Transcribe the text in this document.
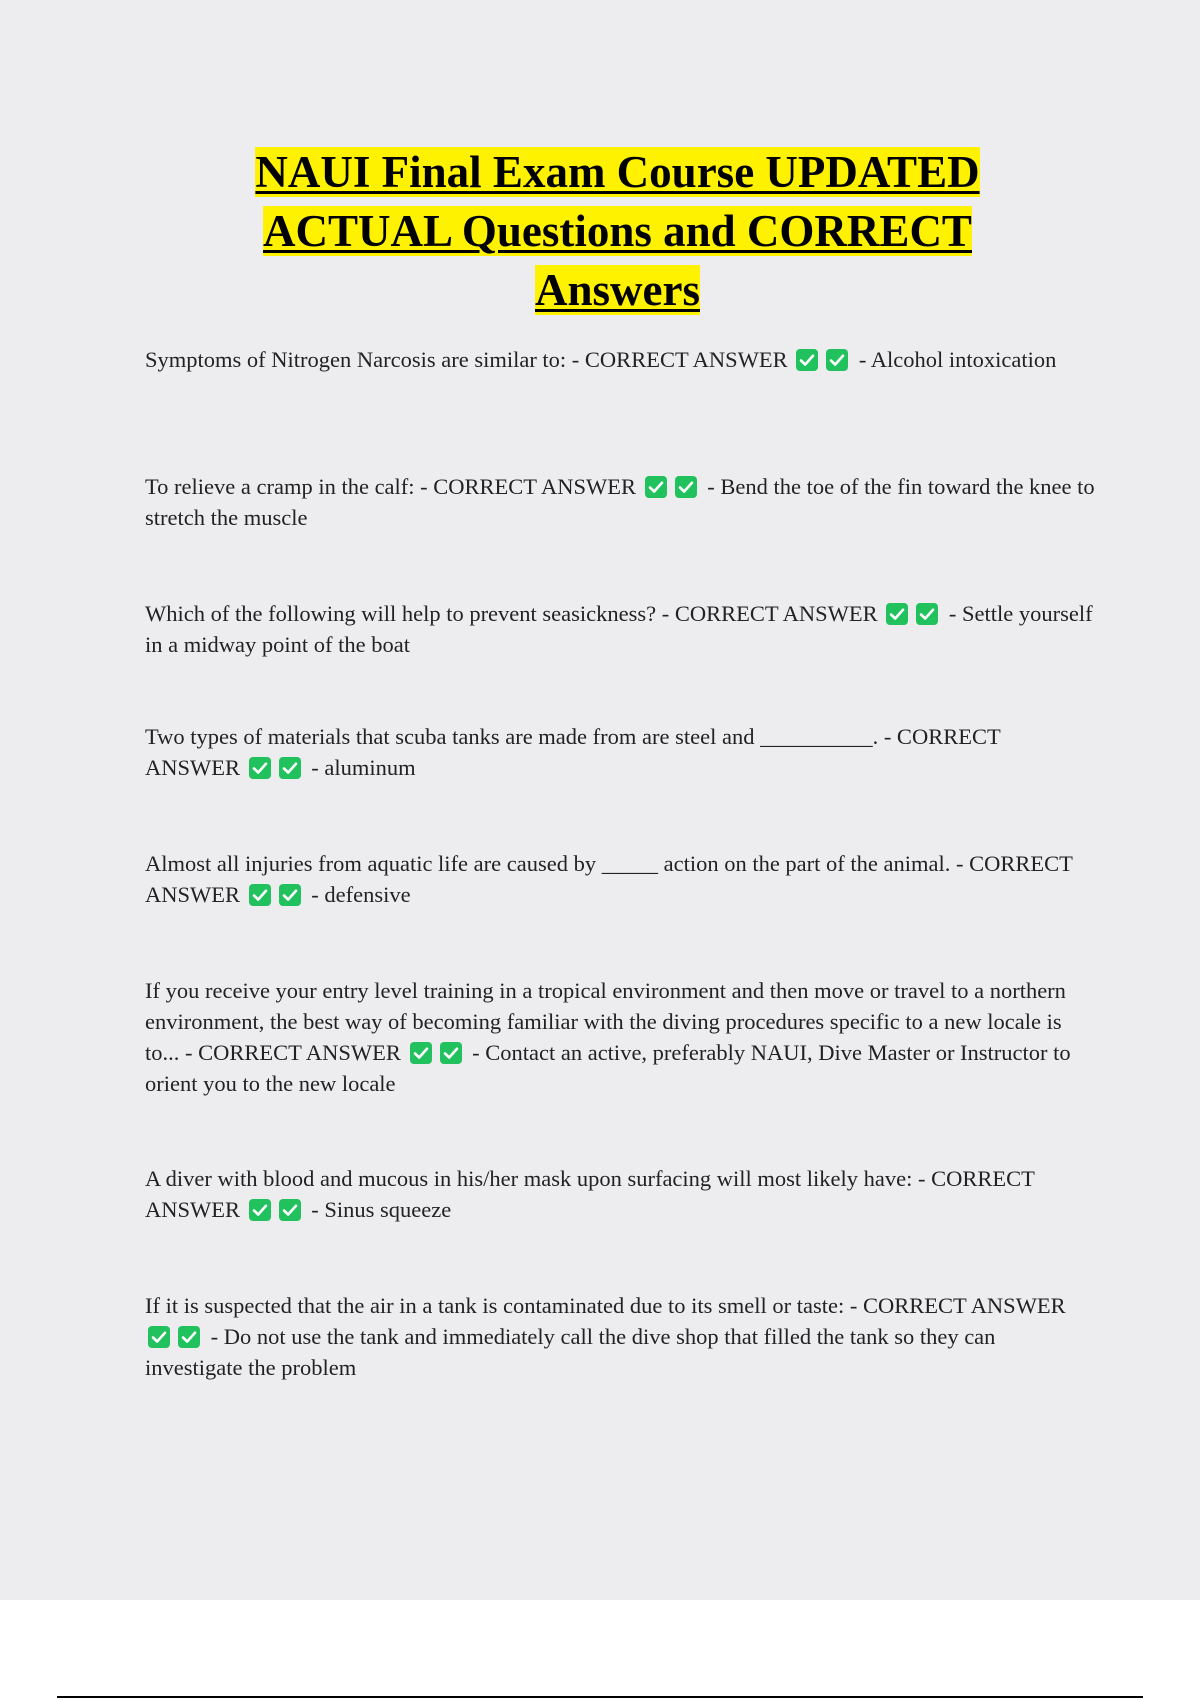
NAUI Final Exam Course UPDATED
ACTUAL Questions and CORRECT
Answers

Symptoms of Nitrogen Narcosis are similar to: - CORRECT ANSWER	- Alcohol intoxication

To relieve a cramp in the calf: - CORRECT ANSWER	- Bend the toe of the fin toward the knee to stretch the muscle

Which of the following will help to prevent seasickness? - CORRECT ANSWER	- Settle yourself in a midway point of the boat

Two types of materials that scuba tanks are made from are steel and __________. - CORRECT ANSWER	- aluminum

Almost all injuries from aquatic life are caused by _____ action on the part of the animal. - CORRECT ANSWER	- defensive

If you receive your entry level training in a tropical environment and then move or travel to a northern environment, the best way of becoming familiar with the diving procedures specific to a new locale is to... - CORRECT ANSWER	- Contact an active, preferably NAUI, Dive Master or Instructor to orient you to the new locale

A diver with blood and mucous in his/her mask upon surfacing will most likely have: - CORRECT ANSWER	- Sinus squeeze

If it is suspected that the air in a tank is contaminated due to its smell or taste: - CORRECT ANSWER
- Do not use the tank and immediately call the dive shop that filled the tank so they can investigate the problem
